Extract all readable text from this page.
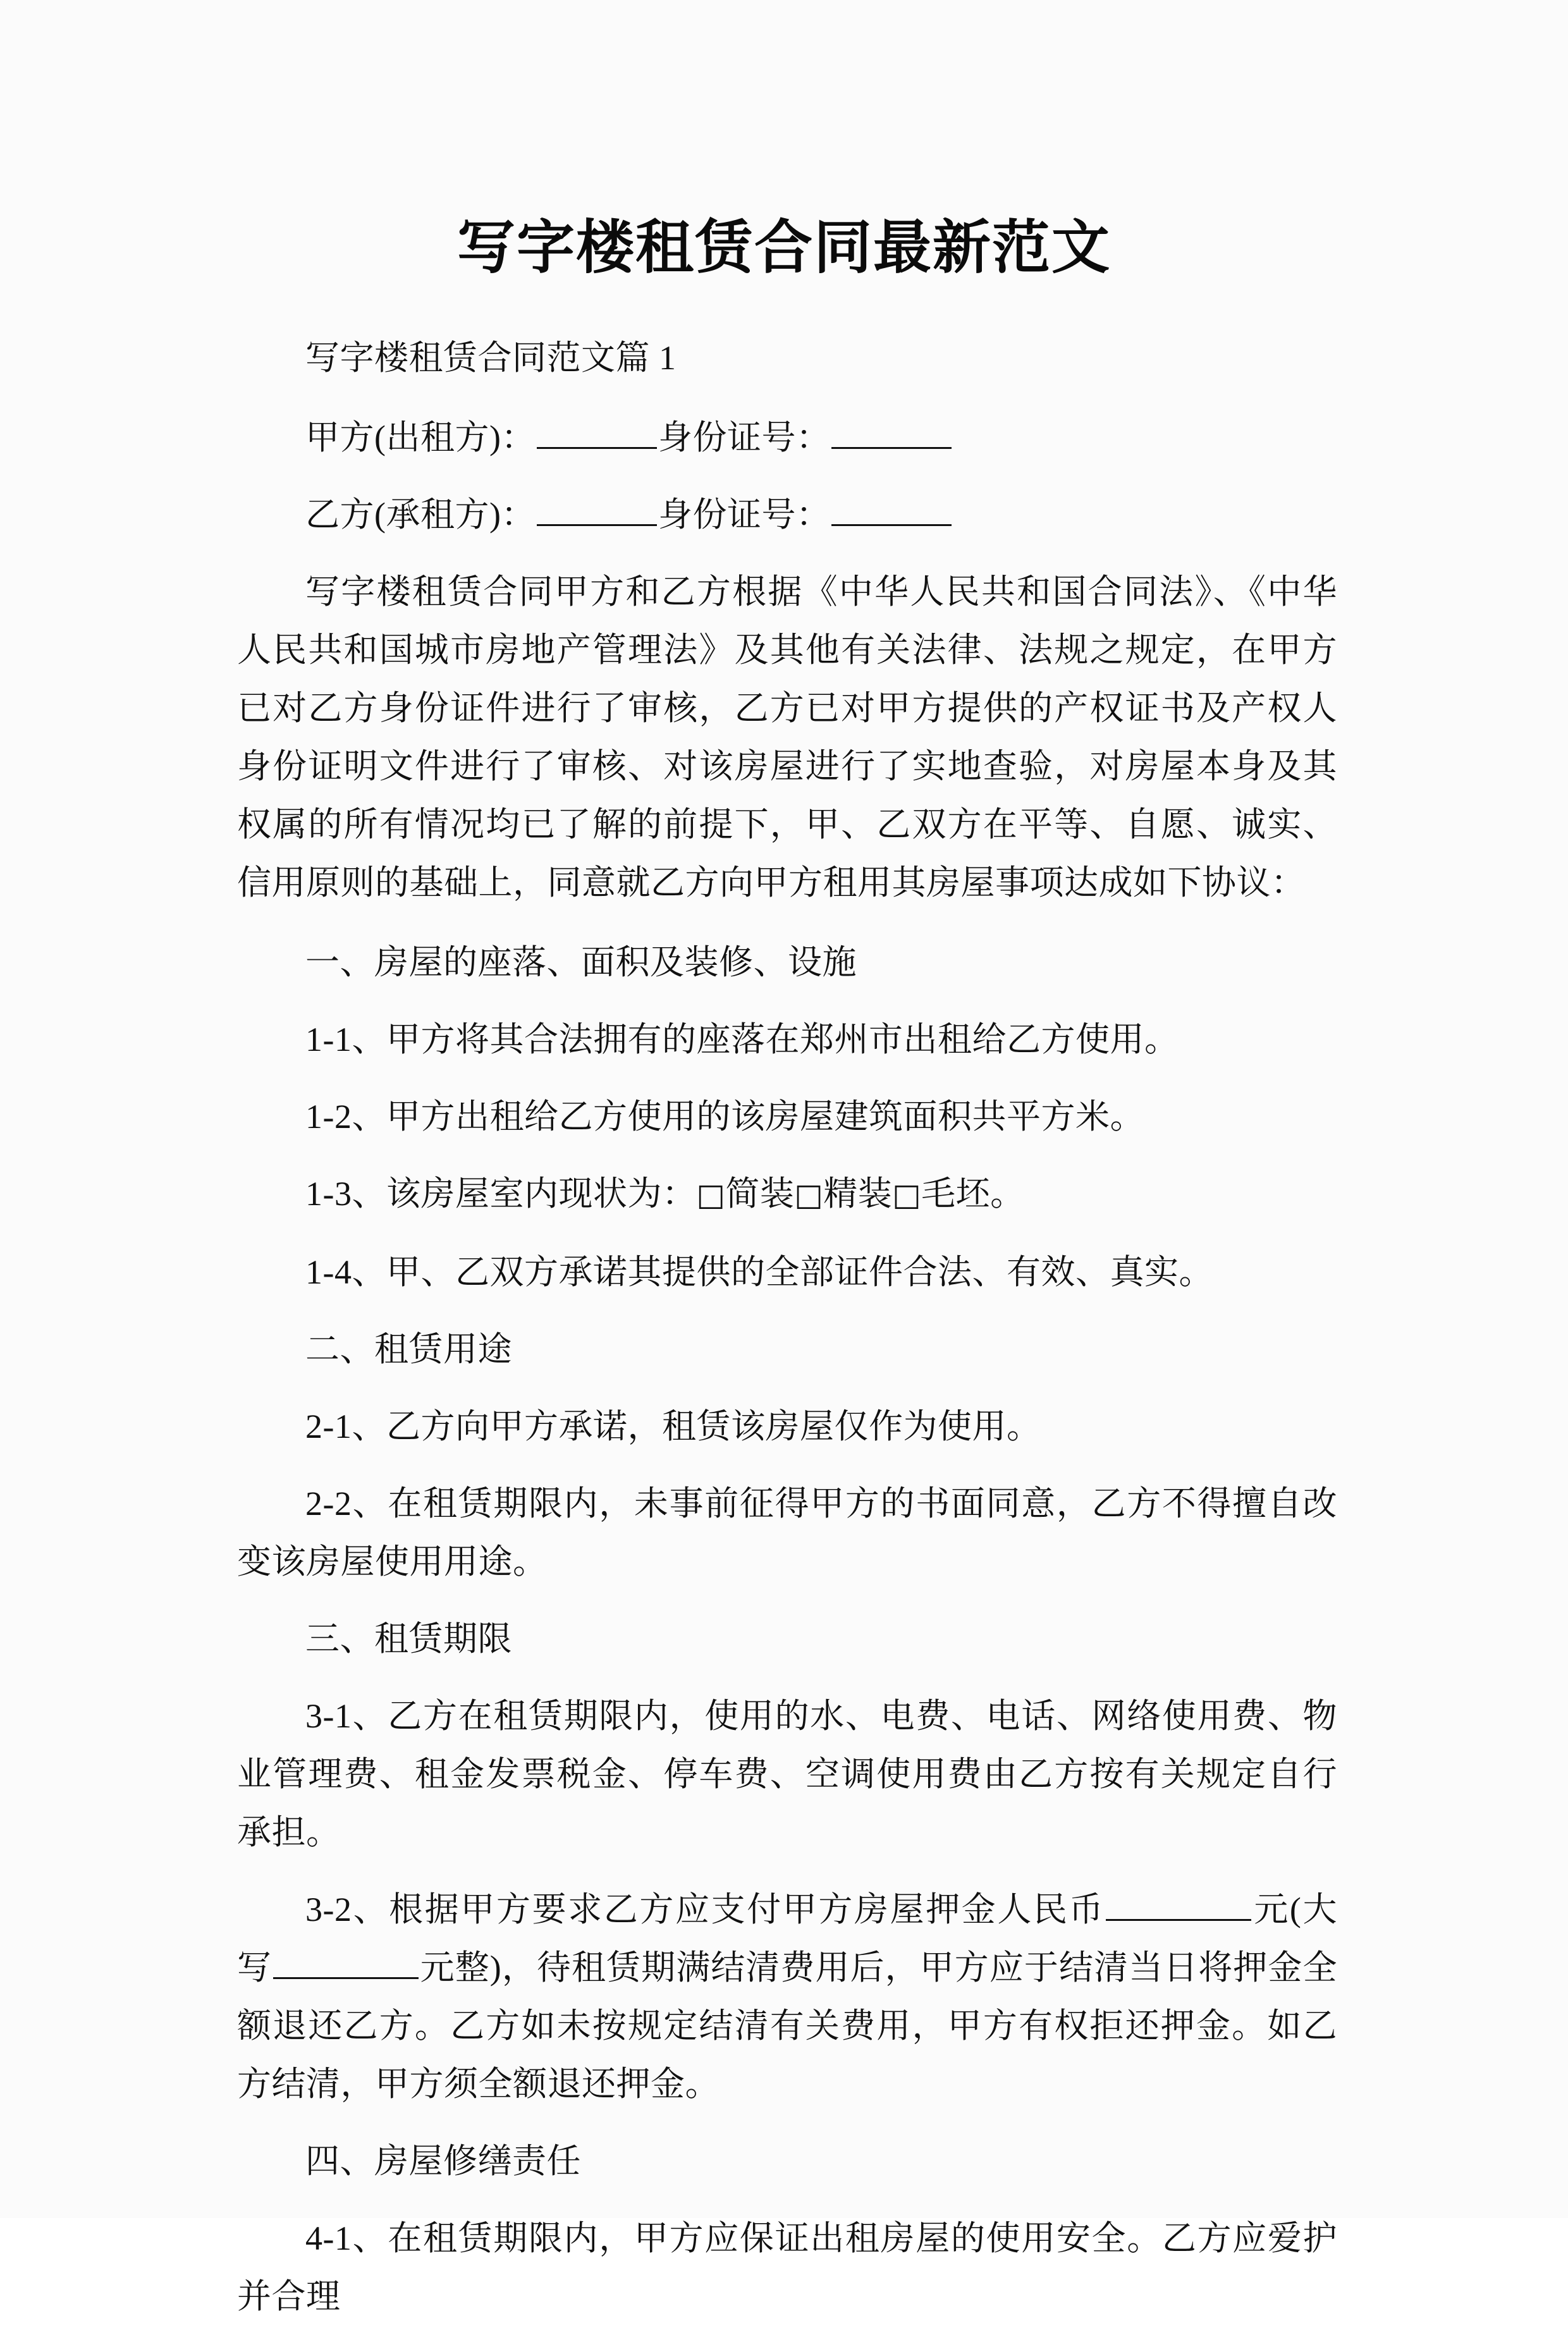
写字楼租赁合同最新范文

写字楼租赁合同范文篇 1

甲方(出租方)：	身份证号：

乙方(承租方)：	身份证号：

写字楼租赁合同甲方和乙方根据《中华人民共和国合同法》、《中华人民共和国城市房地产管理法》及其他有关法律、法规之规定，在甲方已对乙方身份证件进行了审核，乙方已对甲方提供的产权证书及产权人身份证明文件进行了审核、对该房屋进行了实地查验，对房屋本身及其权属的所有情况均已了解的前提下，甲、乙双方在平等、自愿、诚实、信用原则的基础上，同意就乙方向甲方租用其房屋事项达成如下协议：

一、房屋的座落、面积及装修、设施

1-1、甲方将其合法拥有的座落在郑州市出租给乙方使用。

1-2、甲方出租给乙方使用的该房屋建筑面积共平方米。

1-3、该房屋室内现状为：□简装□精装□毛坯。

1-4、甲、乙双方承诺其提供的全部证件合法、有效、真实。

二、租赁用途

2-1、乙方向甲方承诺，租赁该房屋仅作为使用。

2-2、在租赁期限内，未事前征得甲方的书面同意，乙方不得擅自改变该房屋使用用途。

三、租赁期限

3-1、乙方在租赁期限内，使用的水、电费、电话、网络使用费、物业管理费、租金发票税金、停车费、空调使用费由乙方按有关规定自行承担。

3-2、根据甲方要求乙方应支付甲方房屋押金人民币	元(大写	元整)，待租赁期满结清费用后，甲方应于结清当日将押金全额退还乙方。乙方如未按规定结清有关费用，甲方有权拒还押金。如乙方结清，甲方须全额退还押金。

四、房屋修缮责任

4-1、在租赁期限内，甲方应保证出租房屋的使用安全。乙方应爱护并合理
